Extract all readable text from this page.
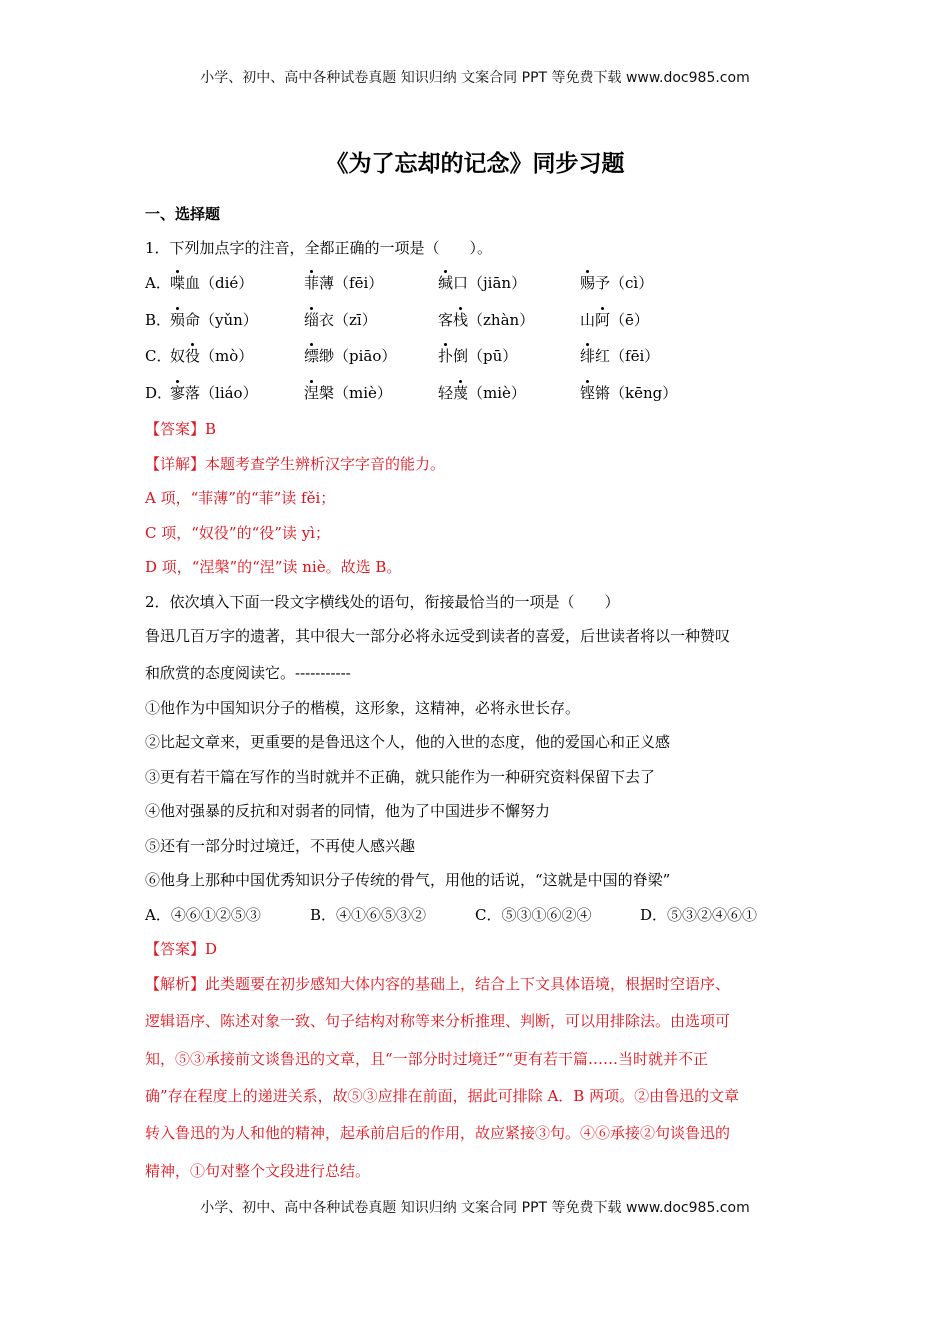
小学、初中、高中各种试卷真题 知识归纳 文案合同 PPT 等免费下载 www.doc985.com
《为了忘却的记念》同步习题
一、选择题
1．下列加点字的注音，全都正确的一项是（　　）。
A． 喋血（dié）	菲薄（fēi）	缄口（jiān）	赐予（cì）
B．
殒命（yǔn）	缁衣（zī）	客栈（zhàn）	山阿（ē）
C．
奴役（mò）	缥缈（piāo）	扑倒（pū）	绯红（fēi）
D．
寥落（liáo）	涅槃（miè）	轻蔑（miè）	铿锵（kēng）
【答案】B
【详解】本题考查学生辨析汉字字音的能力。
A 项，“菲薄”的“菲”读 fěi；
C 项，“奴役”的“役”读 yì；
D 项，“涅槃”的“涅”读 niè。故选 B。
2．依次填入下面一段文字横线处的语句，衔接最恰当的一项是（　　）
鲁迅几百万字的遗著，其中很大一部分必将永远受到读者的喜爱，后世读者将以一种赞叹
和欣赏的态度阅读它。-----------
①他作为中国知识分子的楷模，这形象，这精神，必将永世长存。
②比起文章来，更重要的是鲁迅这个人，他的入世的态度，他的爱国心和正义感
③更有若干篇在写作的当时就并不正确，就只能作为一种研究资料保留下去了
④他对强暴的反抗和对弱者的同情，他为了中国进步不懈努力
⑤还有一部分时过境迁，不再使人感兴趣
⑥他身上那种中国优秀知识分子传统的骨气，用他的话说，“这就是中国的脊梁”
A．④⑥①②⑤③	B．④①⑥⑤③②	C．⑤③①⑥②④	D．⑤③②④⑥①
【答案】D
【解析】此类题要在初步感知大体内容的基础上，结合上下文具体语境，根据时空语序、
逻辑语序、陈述对象一致、句子结构对称等来分析推理、判断，可以用排除法。由选项可
知，⑤③承接前文谈鲁迅的文章，且“一部分时过境迁”“更有若干篇……当时就并不正
确”存在程度上的递进关系，故⑤③应排在前面，据此可排除 A．B 两项。②由鲁迅的文章
转入鲁迅的为人和他的精神，起承前启后的作用，故应紧接③句。④⑥承接②句谈鲁迅的
精神，①句对整个文段进行总结。
小学、初中、高中各种试卷真题 知识归纳 文案合同 PPT 等免费下载 www.doc985.com
